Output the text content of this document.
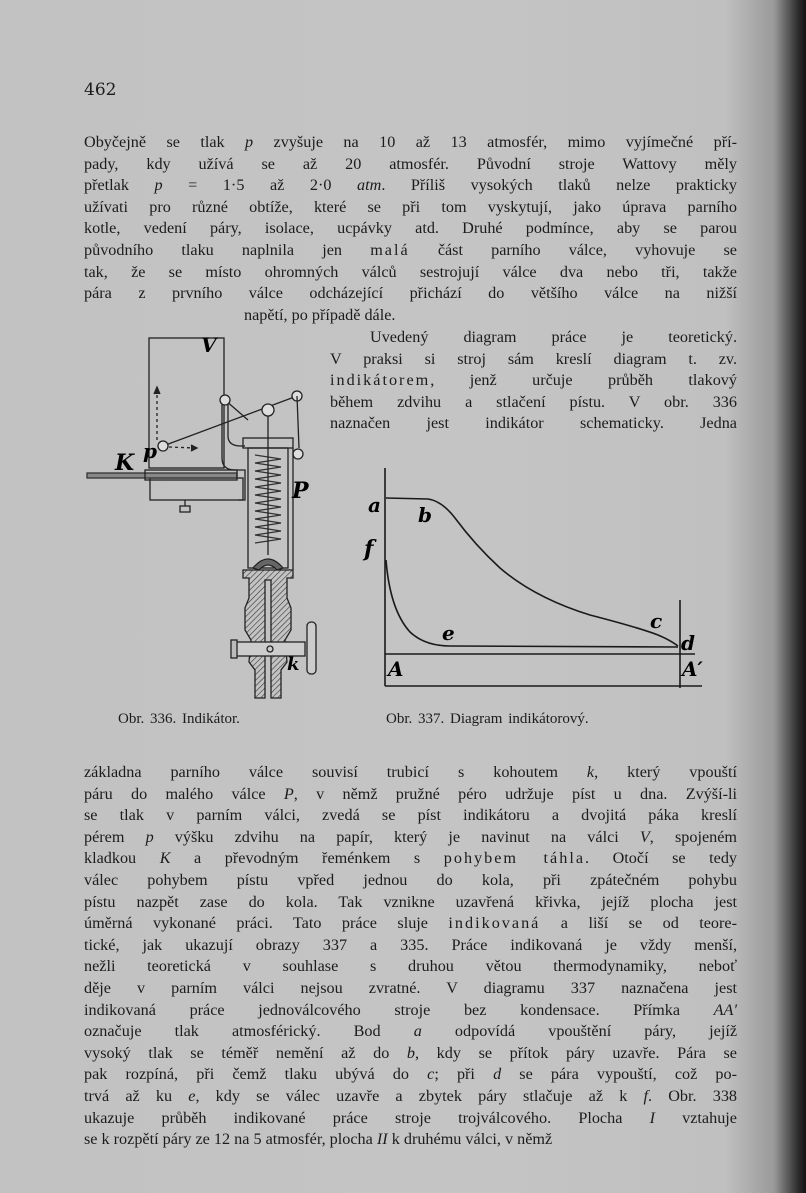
462
Obyčejně se tlak p zvyšuje na 10 až 13 atmosfér, mimo vyjímečné pří-
pady, kdy užívá se až 20 atmosfér. Původní stroje Wattovy měly
přetlak p = 1·5 až 2·0 atm. Příliš vysokých tlaků nelze prakticky
užívati pro různé obtíže, které se při tom vyskytují, jako úprava parního
kotle, vedení páry, isolace, ucpávky atd. Druhé podmínce, aby se parou
původního tlaku naplnila jen malá část parního válce, vyhovuje se
tak, že se místo ohromných válců sestrojují válce dva nebo tři, takže
pára z prvního válce odcházející přichází do většího válce na nižší
napětí, po případě dále.
Uvedený diagram práce je teoretický.
V praksi si stroj sám kreslí diagram t. zv.
indikátorem, jenž určuje průběh tlakový
během zdvihu a stlačení pístu. V obr. 336
naznačen jest indikátor schematicky. Jedna
V
K p
P
k
a b
c
d
e
f
A	A′
Obr. 336. Indikátor.	Obr. 337. Diagram indikátorový.
základna parního válce souvisí trubicí s kohoutem k, který vpouští
páru do malého válce P, v němž pružné péro udržuje píst u dna. Zvýší-li
se tlak v parním válci, zvedá se píst indikátoru a dvojitá páka kreslí
pérem p výšku zdvihu na papír, který je navinut na válci V, spojeném
kladkou K a převodným řeménkem s pohybem táhla. Otočí se tedy
válec pohybem pístu vpřed jednou do kola, při zpátečném pohybu
pístu nazpět zase do kola. Tak vznikne uzavřená křivka, jejíž plocha jest
úměrná vykonané práci. Tato práce sluje indikovaná a liší se od teore-
tické, jak ukazují obrazy 337 a 335. Práce indikovaná je vždy menší,
nežli teoretická v souhlase s druhou větou thermodynamiky, neboť
děje v parním válci nejsou zvratné. V diagramu 337 naznačena jest
indikovaná práce jednoválcového stroje bez kondensace. Přímka AA′
označuje tlak atmosférický. Bod a odpovídá vpouštění páry, jejíž
vysoký tlak se téměř nemění až do b, kdy se přítok páry uzavře. Pára se
pak rozpíná, při čemž tlaku ubývá do c; při d se pára vypouští, což po-
trvá až ku e, kdy se válec uzavře a zbytek páry stlačuje až k f. Obr. 338
ukazuje průběh indikované práce stroje trojválcového. Plocha I vztahuje
se k rozpětí páry ze 12 na 5 atmosfér, plocha II k druhému válci, v němž
